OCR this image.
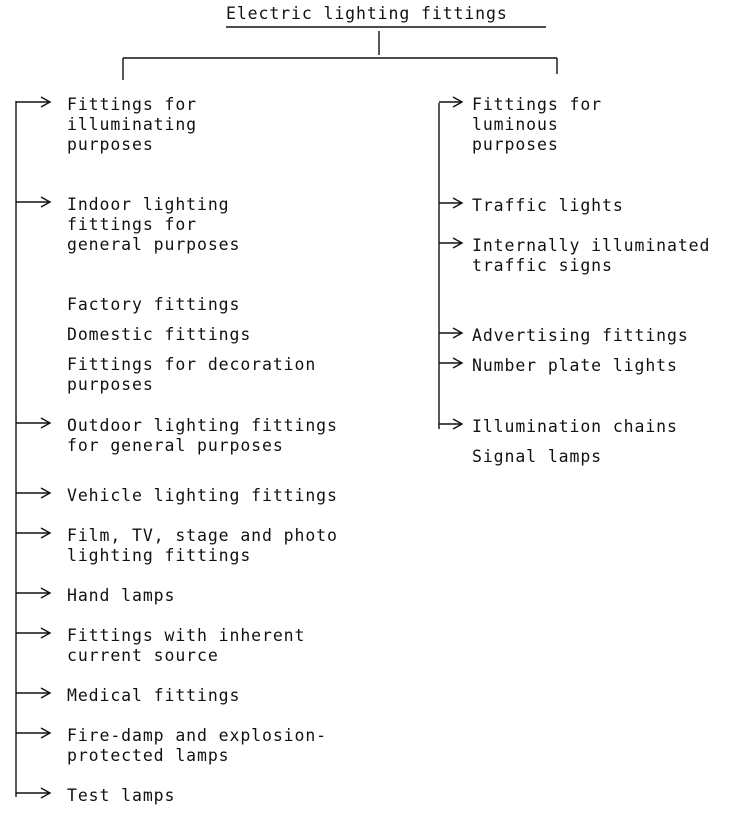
Electric lighting fittings
Fittings for
illuminating
purposes
Indoor lighting
fittings for
general purposes
Factory fittings
Domestic fittings
Fittings for decoration
purposes
Outdoor lighting fittings
for general purposes
Vehicle lighting fittings
Film, TV, stage and photo
lighting fittings
Hand lamps
Fittings with inherent
current source
Medical fittings
Fire-damp and explosion-
protected lamps
Test lamps
Fittings for
luminous
purposes
Traffic lights
Internally illuminated
traffic signs
Advertising fittings
Number plate lights
Illumination chains
Signal lamps
